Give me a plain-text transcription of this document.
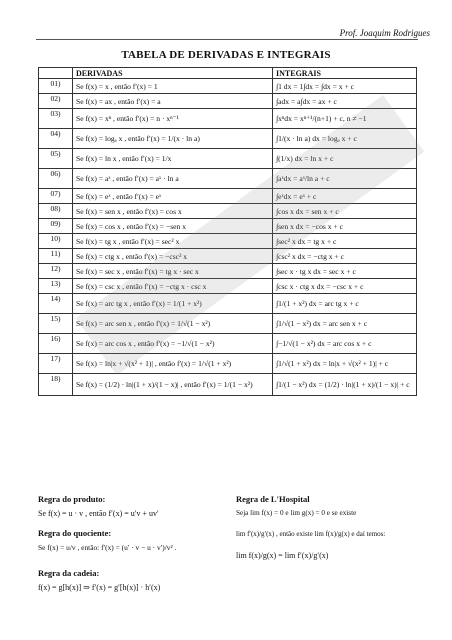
Prof. Joaquim Rodrigues
TABELA DE DERIVADAS E INTEGRAIS
	DERIVADAS	INTEGRAIS
01)	Se f(x) = x , então f′(x) = 1	∫1 dx = 1∫dx = ∫dx = x + c
02)	Se f(x) = ax , então f′(x) = a	∫adx = a∫dx = ax + c
03)	Se f(x) = xⁿ , então f′(x) = n · xⁿ⁻¹	∫xⁿdx = xⁿ⁺¹/(n+1) + c, n ≠ −1
04)	Se f(x) = logₐ x , então f′(x) = 1/(x · ln a)	∫1/(x · ln a) dx = logₐ x + c
05)	Se f(x) = ln x , então f′(x) = 1/x	∫(1/x) dx = ln x + c
06)	Se f(x) = aˣ , então f′(x) = aˣ · ln a	∫aˣdx = aˣ/ln a + c
07)	Se f(x) = eˣ , então f′(x) = eˣ	∫eˣdx = eˣ + c
08)	Se f(x) = sen x , então f′(x) = cos x	∫cos x dx = sen x + c
09)	Se f(x) = cos x , então f′(x) = −sen x	∫sen x dx = −cos x + c
10)	Se f(x) = tg x , então f′(x) = sec² x	∫sec² x dx = tg x + c
11)	Se f(x) = ctg x , então f′(x) = −csc² x	∫csc² x dx = −ctg x + c
12)	Se f(x) = sec x , então f′(x) = tg x · sec x	∫sec x · tg x dx = sec x + c
13)	Se f(x) = csc x , então f′(x) = −ctg x · csc x	∫csc x · ctg x dx = −csc x + c
14)	Se f(x) = arc tg x , então f′(x) = 1/(1 + x²)	∫1/(1 + x²) dx = arc tg x + c
15)	Se f(x) = arc sen x , então f′(x) = 1/√(1 − x²)	∫1/√(1 − x²) dx = arc sen x + c
16)	Se f(x) = arc cos x , então f′(x) = −1/√(1 − x²)	∫−1/√(1 − x²) dx = arc cos x + c
17)	Se f(x) = ln|x + √(x² + 1)| , então f′(x) = 1/√(1 + x²)	∫1/√(1 + x²) dx = ln|x + √(x² + 1)| + c
18)	Se f(x) = (1/2) · ln|(1 + x)/(1 − x)| , então f′(x) = 1/(1 − x²)	∫1/(1 − x²) dx = (1/2) · ln|(1 + x)/(1 − x)| + c
Regra do produto:
Se f(x) = u · v , então f′(x) = u′v + uv′
Regra do quociente:
Se f(x) = u/v , então: f′(x) = (u′ · v − u · v′)/v² .
Regra da cadeia:
f(x) = g[h(x)] ⇒ f′(x) = g′[h(x)] · h′(x)
Regra de L'Hospital
Seja lim f(x) = 0 e lim g(x) = 0 e se existe
lim f′(x)/g′(x) , então existe lim f(x)/g(x) e daí temos:
lim f(x)/g(x) = lim f′(x)/g′(x)
